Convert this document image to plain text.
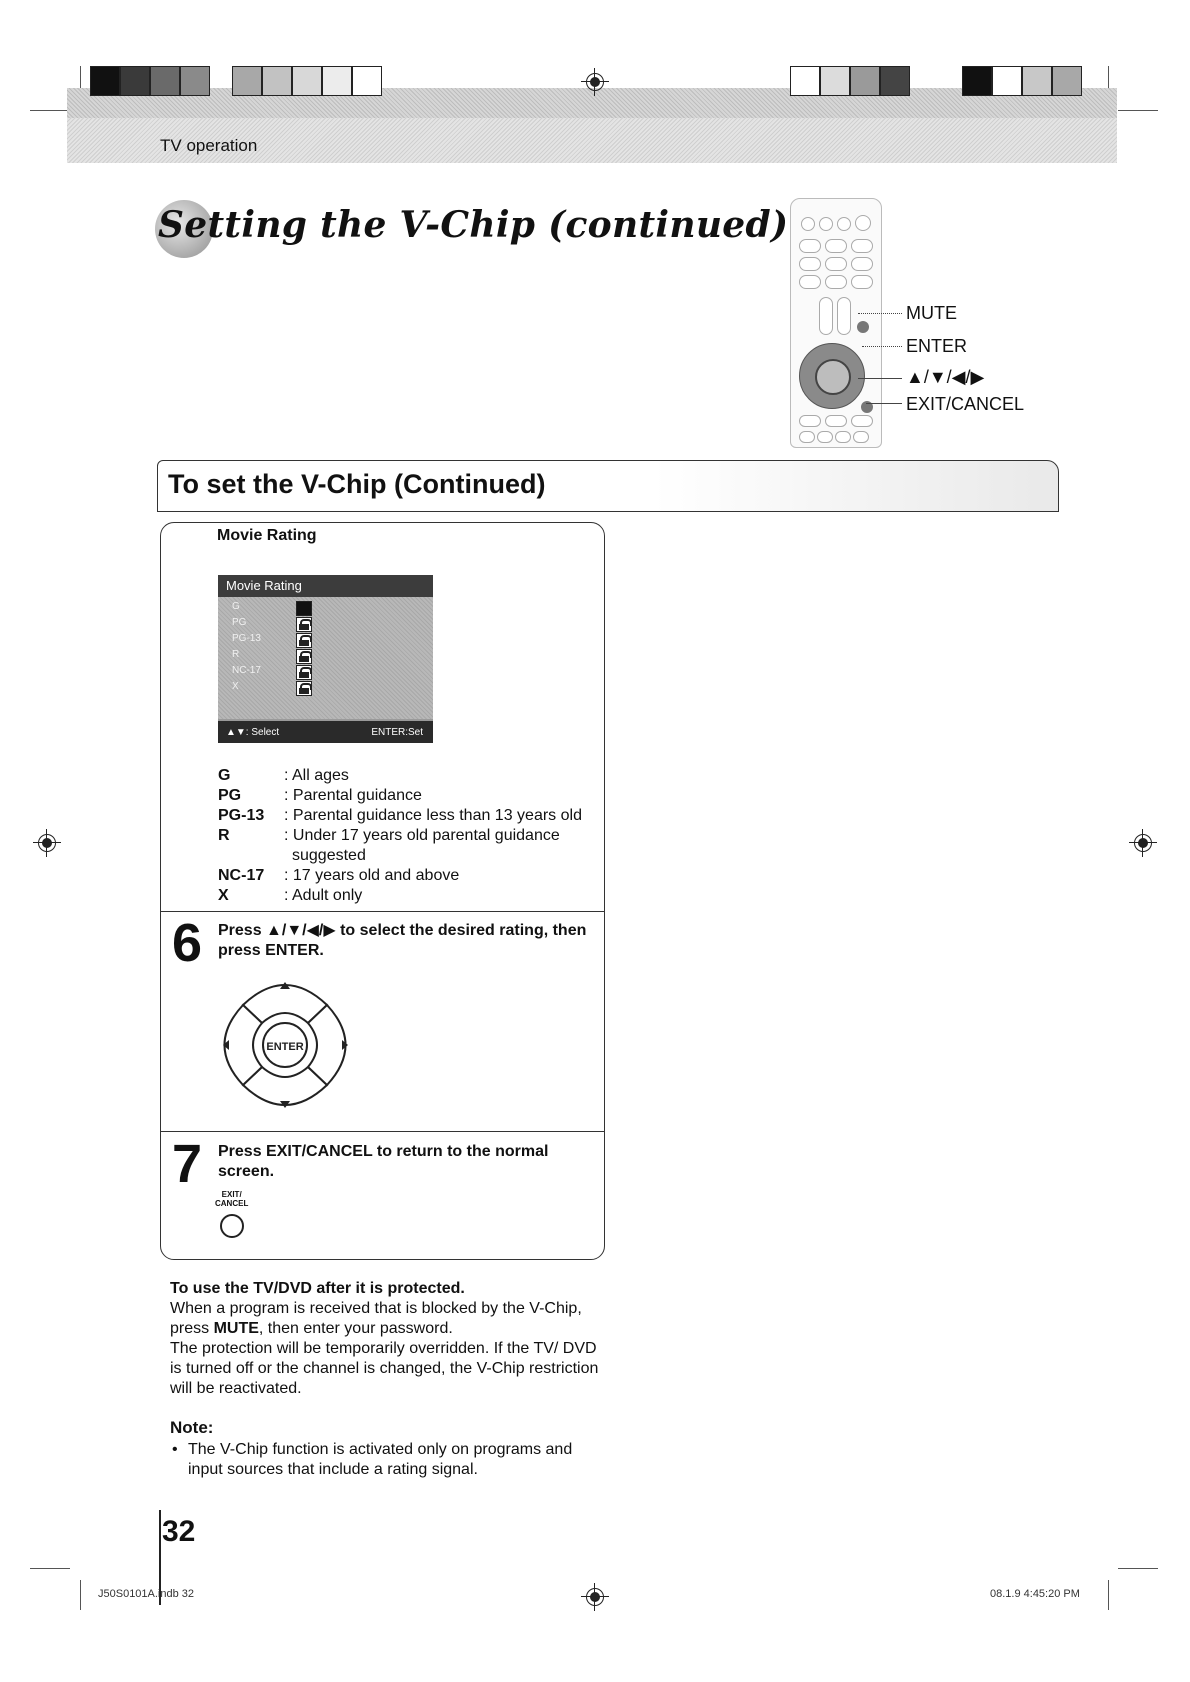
TV operation
Setting the V-Chip (continued)
MUTE
ENTER
▲/▼/◀/▶
EXIT/CANCEL
To set the V-Chip (Continued)
Movie Rating
Movie Rating
G
PG
PG-13
R
NC-17
X
▲▼: Select	ENTER:Set
G	: All ages
PG	: Parental guidance
PG-13 : Parental guidance less than 13 years old
R	: Under 17 years old parental guidance
suggested
NC-17 : 17 years old and above
X	: Adult only
6 Press ▲/▼/◀/▶ to select the desired rating, then press ENTER.
ENTER
7 Press EXIT/CANCEL to return to the normal screen.
EXIT/
CANCEL
To use the TV/DVD after it is protected.
When a program is received that is blocked by the V-Chip, press MUTE, then enter your password.
The protection will be temporarily overridden. If the TV/ DVD is turned off or the channel is changed, the V-Chip restriction will be reactivated.
Note:
• The V-Chip function is activated only on programs and input sources that include a rating signal.
32
J50S0101A.indb 32	08.1.9 4:45:20 PM
